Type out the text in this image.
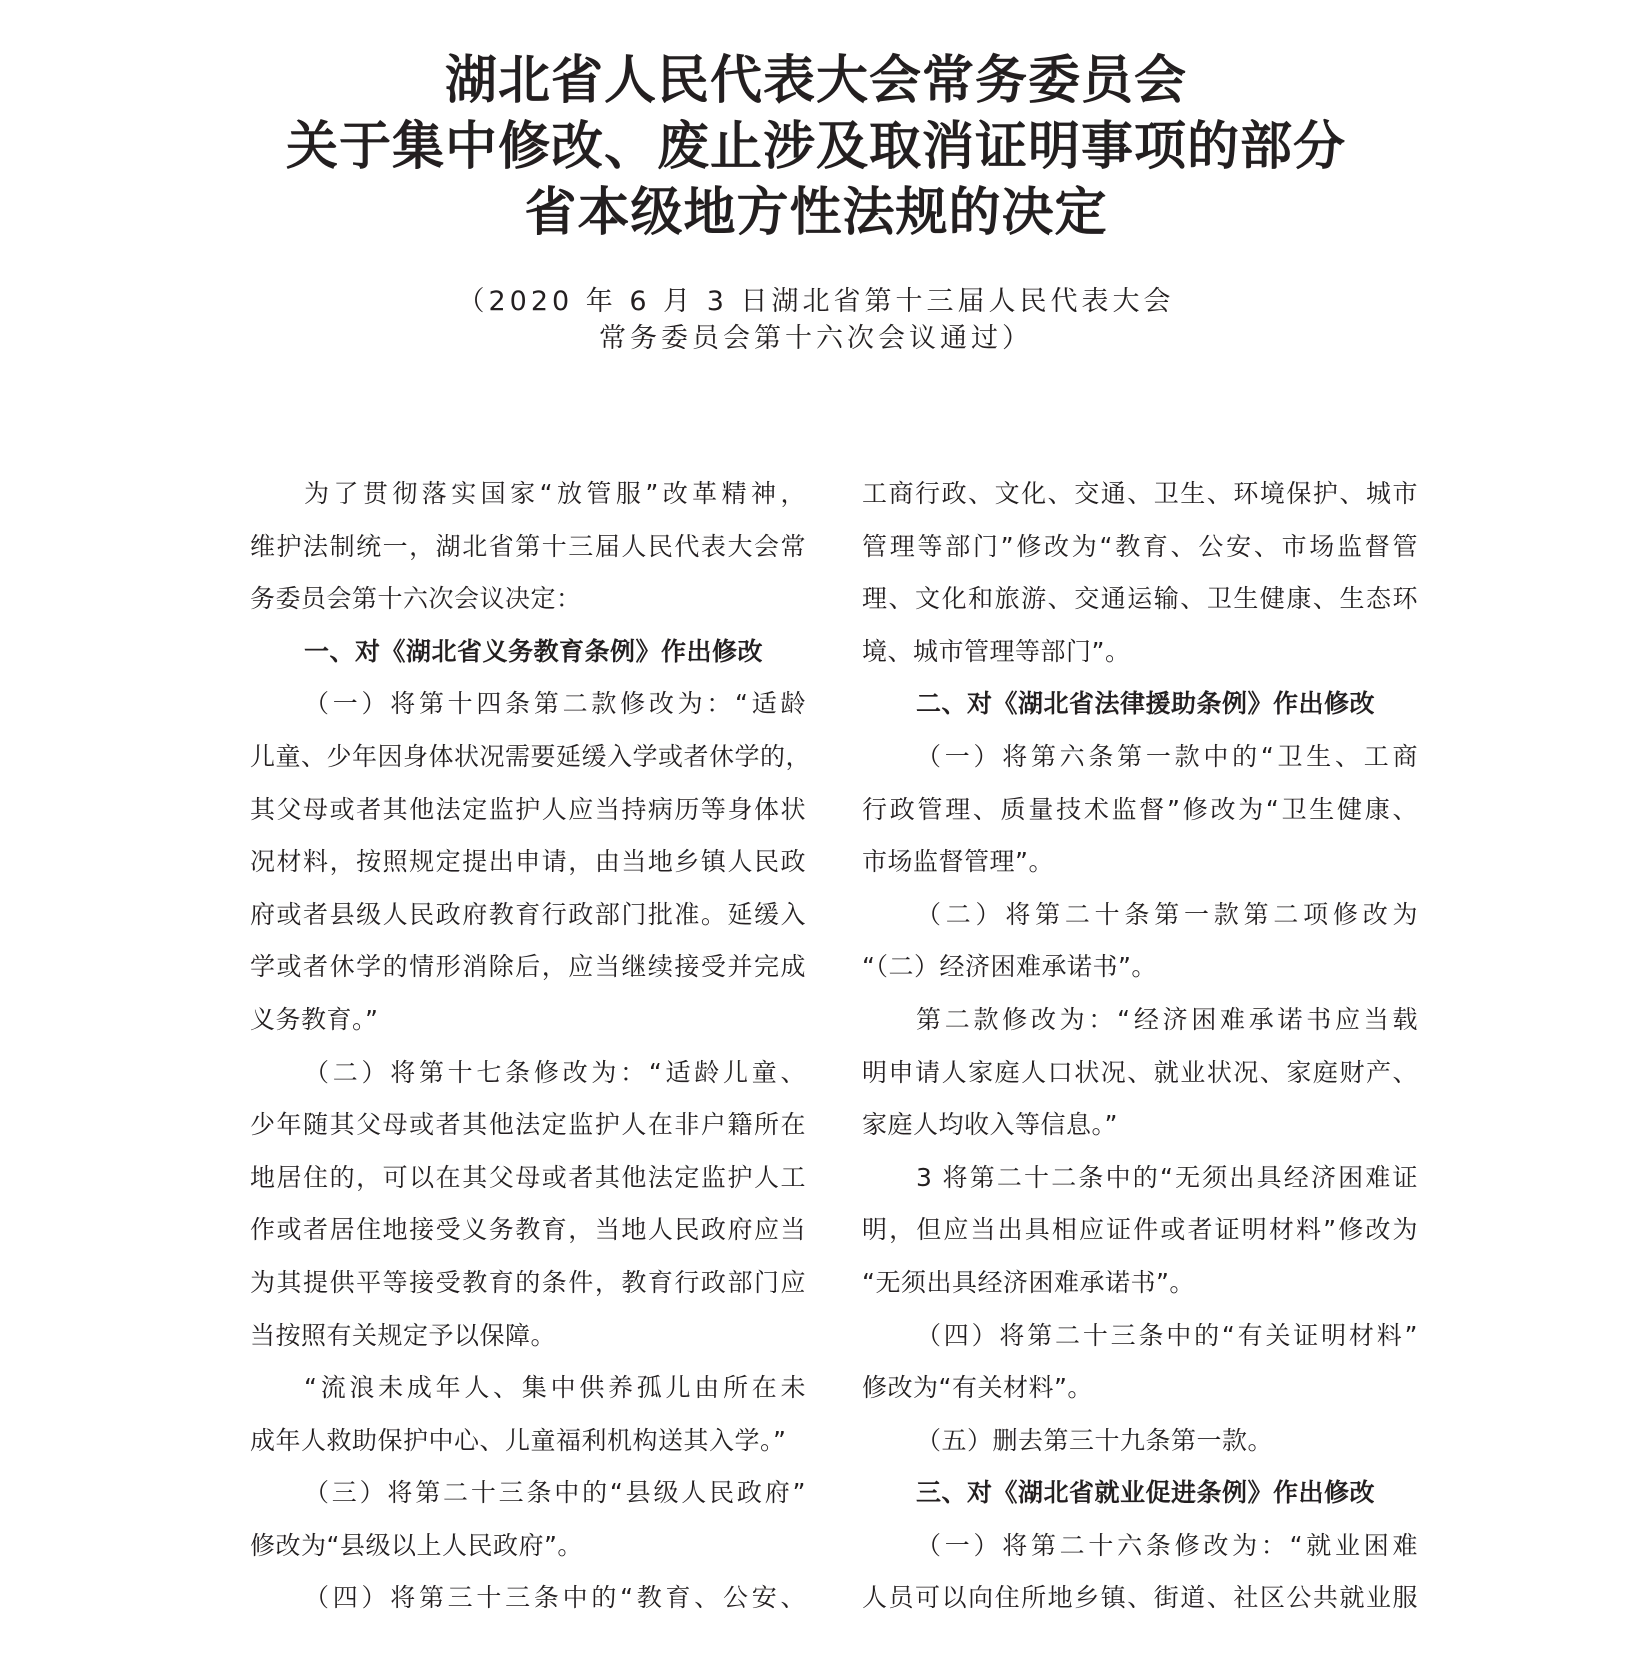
湖北省人民代表大会常务委员会
关于集中修改、废止涉及取消证明事项的部分
省本级地方性法规的决定
（2020 年 6 月 3 日湖北省第十三届人民代表大会
常务委员会第十六次会议通过）
为了贯彻落实国家“放管服”改革精神，
维护法制统一，湖北省第十三届人民代表大会常
务委员会第十六次会议决定：
一、对《湖北省义务教育条例》作出修改
（一）将第十四条第二款修改为：“适龄
儿童、少年因身体状况需要延缓入学或者休学的，
其父母或者其他法定监护人应当持病历等身体状
况材料，按照规定提出申请，由当地乡镇人民政
府或者县级人民政府教育行政部门批准。延缓入
学或者休学的情形消除后，应当继续接受并完成
义务教育。”
（二）将第十七条修改为：“适龄儿童、
少年随其父母或者其他法定监护人在非户籍所在
地居住的，可以在其父母或者其他法定监护人工
作或者居住地接受义务教育，当地人民政府应当
为其提供平等接受教育的条件，教育行政部门应
当按照有关规定予以保障。
“流浪未成年人、集中供养孤儿由所在未
成年人救助保护中心、儿童福利机构送其入学。”
（三）将第二十三条中的“县级人民政府”
修改为“县级以上人民政府”。
（四）将第三十三条中的“教育、公安、
工商行政、文化、交通、卫生、环境保护、城市
管理等部门”修改为“教育、公安、市场监督管
理、文化和旅游、交通运输、卫生健康、生态环
境、城市管理等部门”。
二、对《湖北省法律援助条例》作出修改
（一）将第六条第一款中的“卫生、工商
行政管理、质量技术监督”修改为“卫生健康、
市场监督管理”。
（二）将第二十条第一款第二项修改为
“（二）经济困难承诺书”。
第二款修改为：“经济困难承诺书应当载
明申请人家庭人口状况、就业状况、家庭财产、
家庭人均收入等信息。”
3 将第二十二条中的“无须出具经济困难证
明，但应当出具相应证件或者证明材料”修改为
“无须出具经济困难承诺书”。
（四）将第二十三条中的“有关证明材料”
修改为“有关材料”。
（五）删去第三十九条第一款。
三、对《湖北省就业促进条例》作出修改
（一）将第二十六条修改为：“就业困难
人员可以向住所地乡镇、街道、社区公共就业服
